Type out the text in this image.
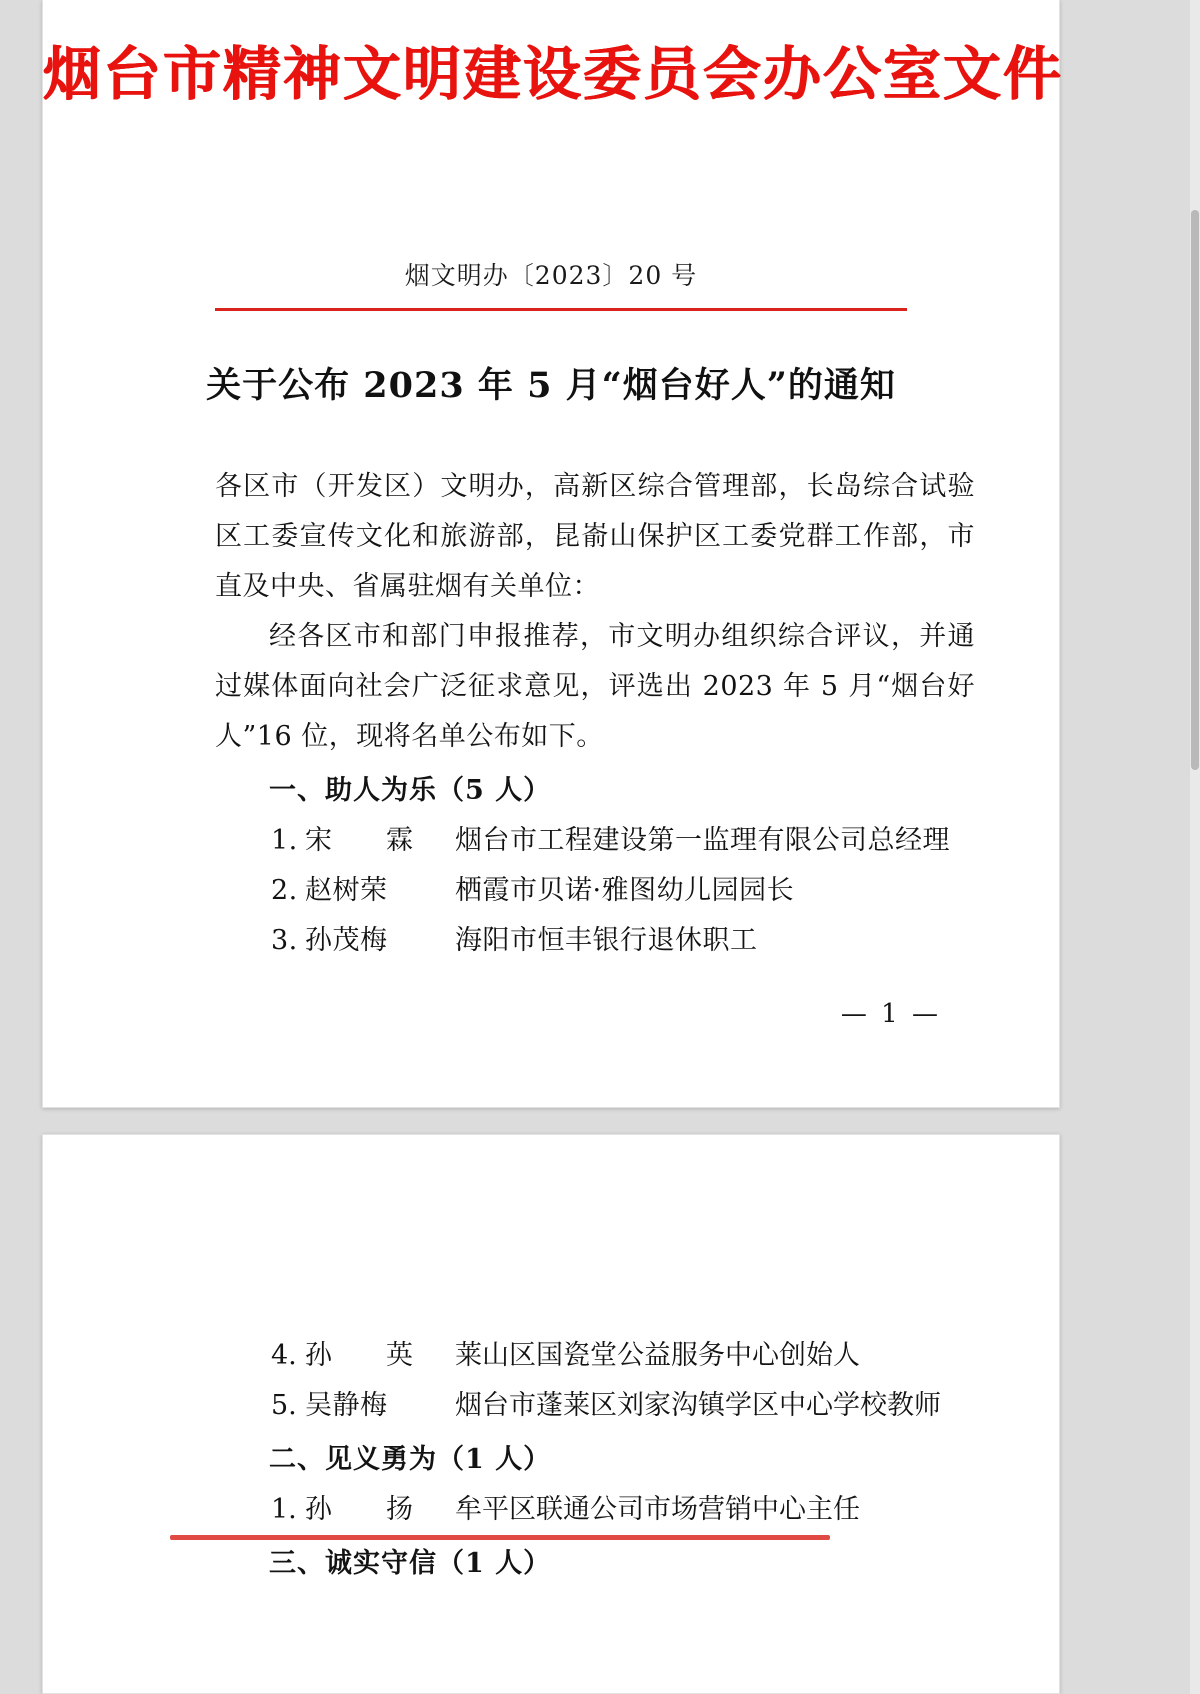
烟台市精神文明建设委员会办公室文件
烟文明办〔2023〕20 号
关于公布 2023 年 5 月“烟台好人”的通知
各区市（开发区）文明办，高新区综合管理部，长岛综合试验区工委宣传文化和旅游部，昆嵛山保护区工委党群工作部，市直及中央、省属驻烟有关单位：
经各区市和部门申报推荐，市文明办组织综合评议，并通过媒体面向社会广泛征求意见，评选出 2023 年 5 月“烟台好人”16 位，现将名单公布如下。
一、助人为乐（5 人）
1. 宋　霖	烟台市工程建设第一监理有限公司总经理
2. 赵树荣	栖霞市贝诺·雅图幼儿园园长
3. 孙茂梅	海阳市恒丰银行退休职工
— 1 —
4. 孙　英	莱山区国瓷堂公益服务中心创始人
5. 吴静梅	烟台市蓬莱区刘家沟镇学区中心学校教师
二、见义勇为（1 人）
1. 孙　扬	牟平区联通公司市场营销中心主任
三、诚实守信（1 人）
